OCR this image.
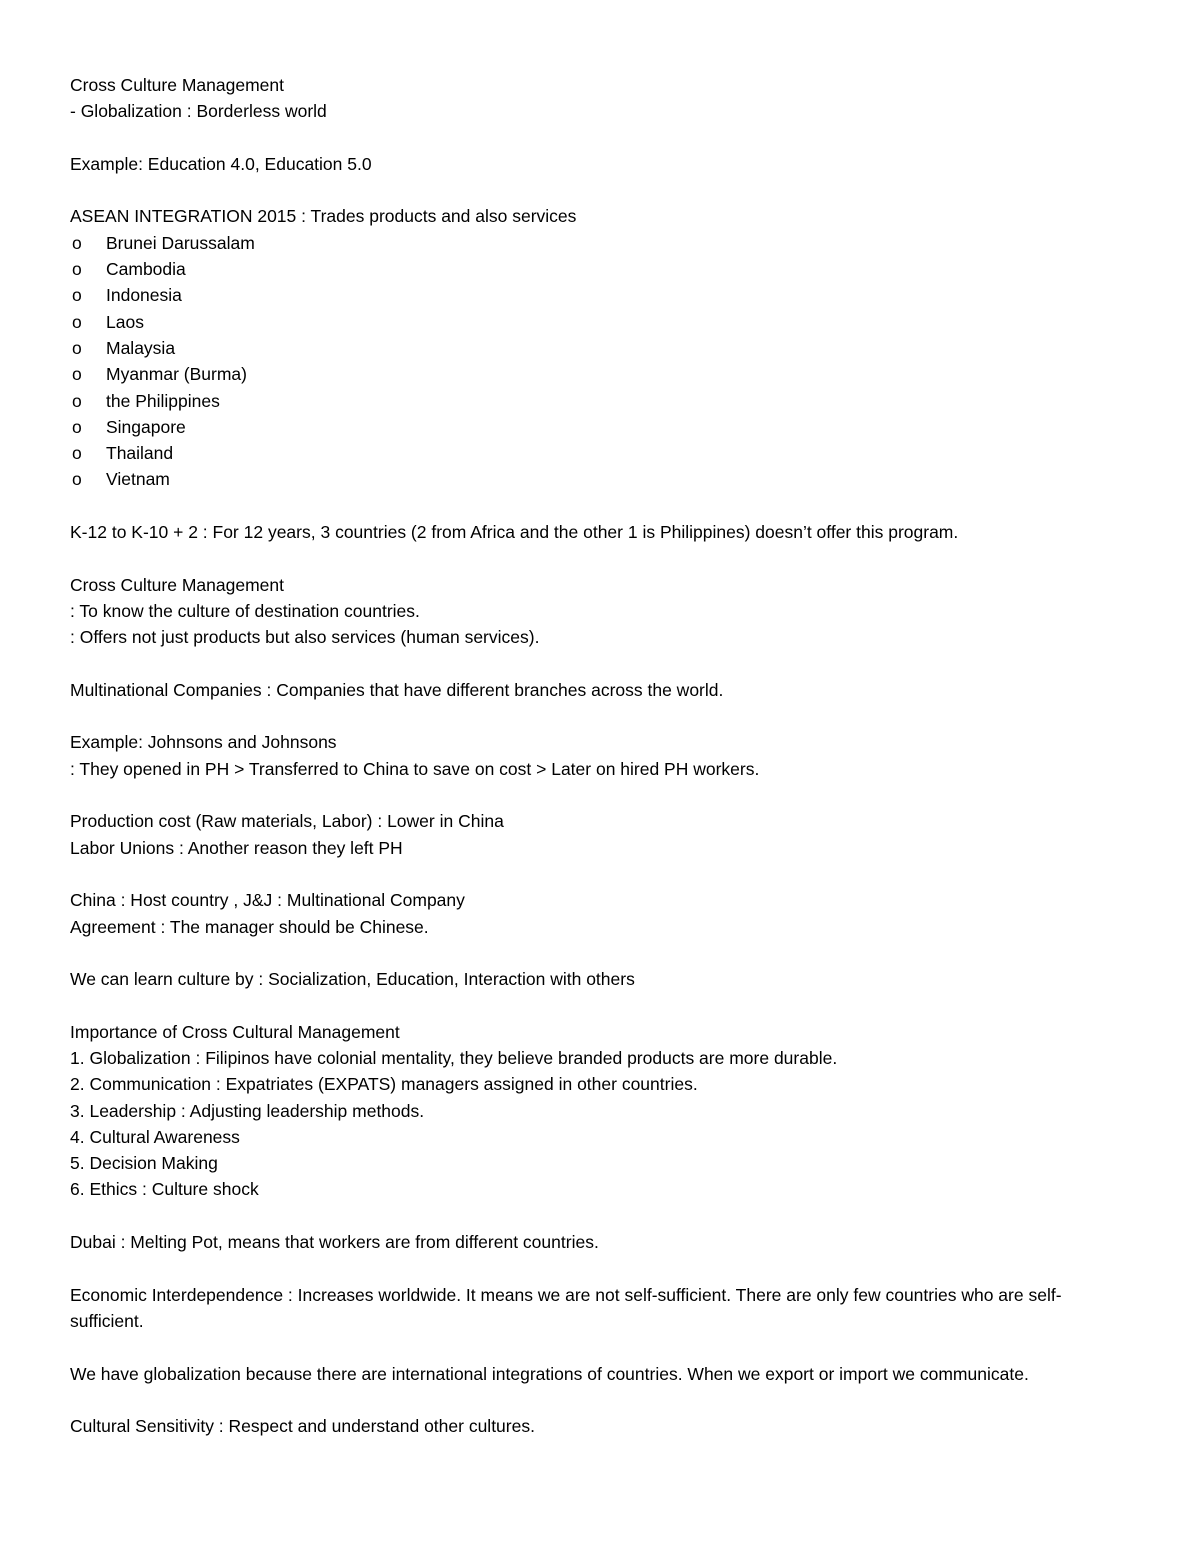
Cross Culture Management

- Globalization : Borderless world

Example: Education 4.0, Education 5.0

ASEAN INTEGRATION 2015 : Trades products and also services

o	Brunei Darussalam
o	Cambodia
o	Indonesia
o	Laos
o	Malaysia
o	Myanmar (Burma)
o	the Philippines
o	Singapore
o	Thailand
o	Vietnam

K-12 to K-10 + 2 : For 12 years, 3 countries (2 from Africa and the other 1 is Philippines) doesn’t offer this program.

Cross Culture Management

: To know the culture of destination countries.

: Offers not just products but also services (human services).

Multinational Companies : Companies that have different branches across the world.

Example: Johnsons and Johnsons

: They opened in PH > Transferred to China to save on cost > Later on hired PH workers.

Production cost (Raw materials, Labor) : Lower in China

Labor Unions : Another reason they left PH

China : Host country , J&J : Multinational Company

Agreement : The manager should be Chinese.

We can learn culture by : Socialization, Education, Interaction with others

Importance of Cross Cultural Management

1. Globalization : Filipinos have colonial mentality, they believe branded products are more durable.

2. Communication : Expatriates (EXPATS) managers assigned in other countries.

3. Leadership : Adjusting leadership methods.

4. Cultural Awareness

5. Decision Making

6. Ethics : Culture shock

Dubai : Melting Pot, means that workers are from different countries.

Economic Interdependence : Increases worldwide. It means we are not self-sufficient. There are only few countries who are self-sufficient.

We have globalization because there are international integrations of countries. When we export or import we communicate.

Cultural Sensitivity : Respect and understand other cultures.
